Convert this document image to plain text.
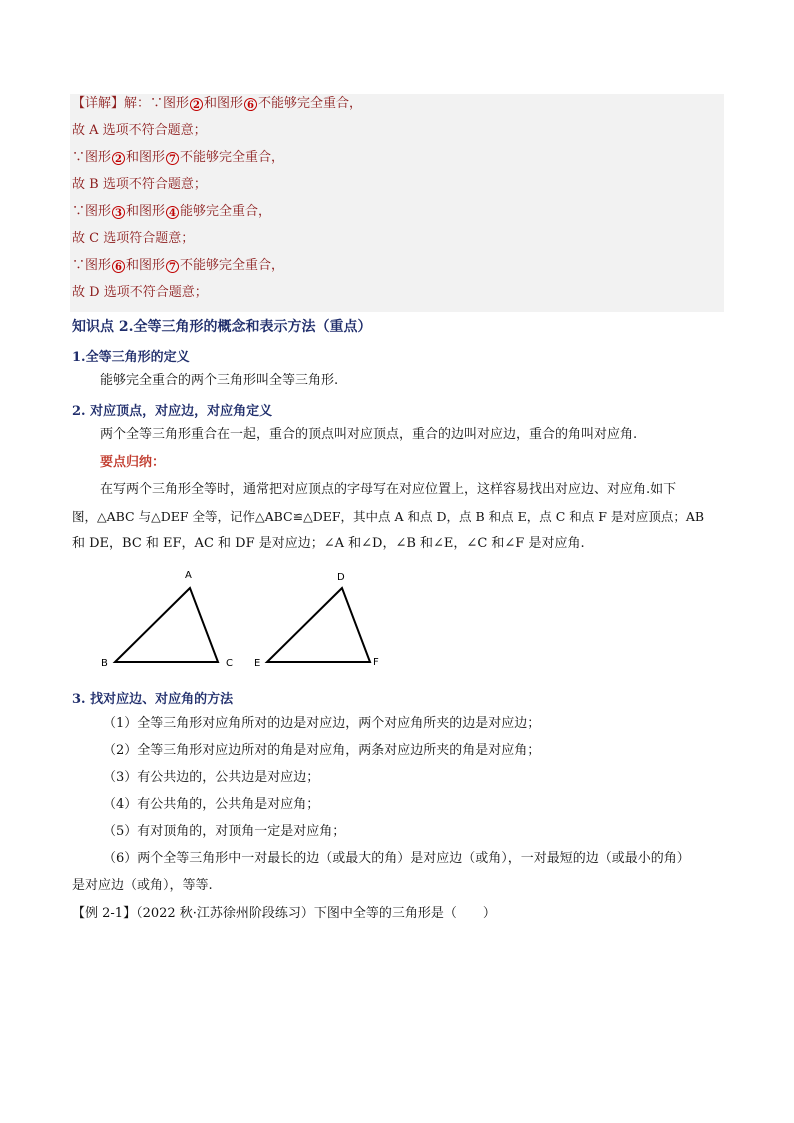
【详解】解：∵图形 2 和图形 6 不能够完全重合，
故 A 选项不符合题意；
∵图形 2 和图形 7 不能够完全重合，
故 B 选项不符合题意；
∵图形 3 和图形 4 能够完全重合，
故 C 选项符合题意；
∵图形 6 和图形 7 不能够完全重合，
故 D 选项不符合题意；
知识点 2.全等三角形的概念和表示方法（重点）
1.全等三角形的定义
能够完全重合的两个三角形叫全等三角形.
2. 对应顶点，对应边，对应角定义
两个全等三角形重合在一起，重合的顶点叫对应顶点，重合的边叫对应边，重合的角叫对应角.
要点归纳：
在写两个三角形全等时，通常把对应顶点的字母写在对应位置上，这样容易找出对应边、对应角.如下
图，△ABC 与△DEF 全等，记作△ABC≌△DEF，其中点 A 和点 D，点 B 和点 E，点 C 和点 F 是对应顶点；AB
和 DE，BC 和 EF，AC 和 DF 是对应边；∠A 和∠D，∠B 和∠E，∠C 和∠F 是对应角.
A
B	C
D
E	F
3. 找对应边、对应角的方法
（1）全等三角形对应角所对的边是对应边，两个对应角所夹的边是对应边；
（2）全等三角形对应边所对的角是对应角，两条对应边所夹的角是对应角；
（3）有公共边的，公共边是对应边；
（4）有公共角的，公共角是对应角；
（5）有对顶角的，对顶角一定是对应角；
（6）两个全等三角形中一对最长的边（或最大的角）是对应边（或角），一对最短的边（或最小的角）
是对应边（或角），等等.
【例 2-1】（2022 秋·江苏徐州阶段练习）下图中全等的三角形是（　　）
